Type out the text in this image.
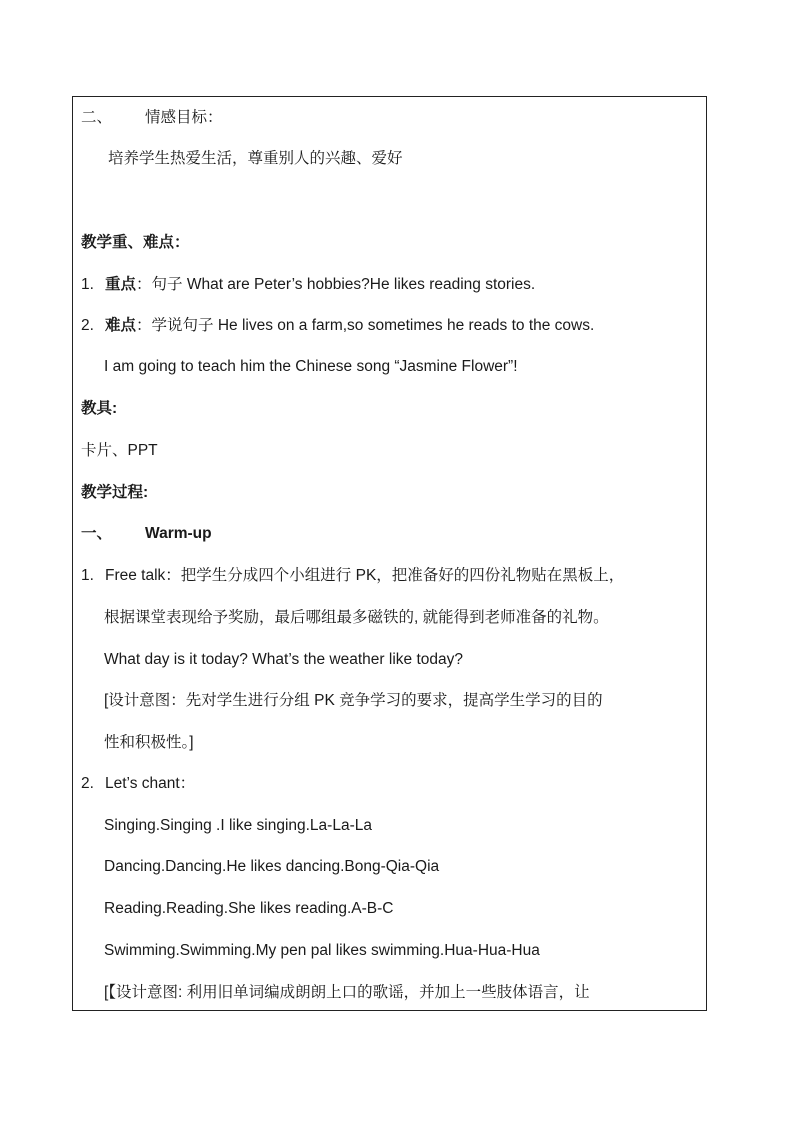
二、 情感目标：
培养学生热爱生活，尊重别人的兴趣、爱好
教学重、难点：
1. 重点：句子 What are Peter’s hobbies?He likes reading stories.
2. 难点：学说句子 He lives on a farm,so sometimes he reads to the cows.
I am going to teach him the Chinese song “Jasmine Flower”!
教具:
卡片、PPT
教学过程:
一、 Warm-up
1. Free talk：把学生分成四个小组进行 PK，把准备好的四份礼物贴在黑板上，
根据课堂表现给予奖励，最后哪组最多磁铁的, 就能得到老师准备的礼物。
What day is it today? What’s the weather like today?
[设计意图：先对学生进行分组 PK 竞争学习的要求，提高学生学习的目的
性和积极性。]
2. Let’s chant：
Singing.Singing .I like singing.La-La-La
Dancing.Dancing.He likes dancing.Bong-Qia-Qia
Reading.Reading.She likes reading.A-B-C
Swimming.Swimming.My pen pal likes swimming.Hua-Hua-Hua
[【设计意图: 利用旧单词编成朗朗上口的歌谣，并加上一些肢体语言，让
